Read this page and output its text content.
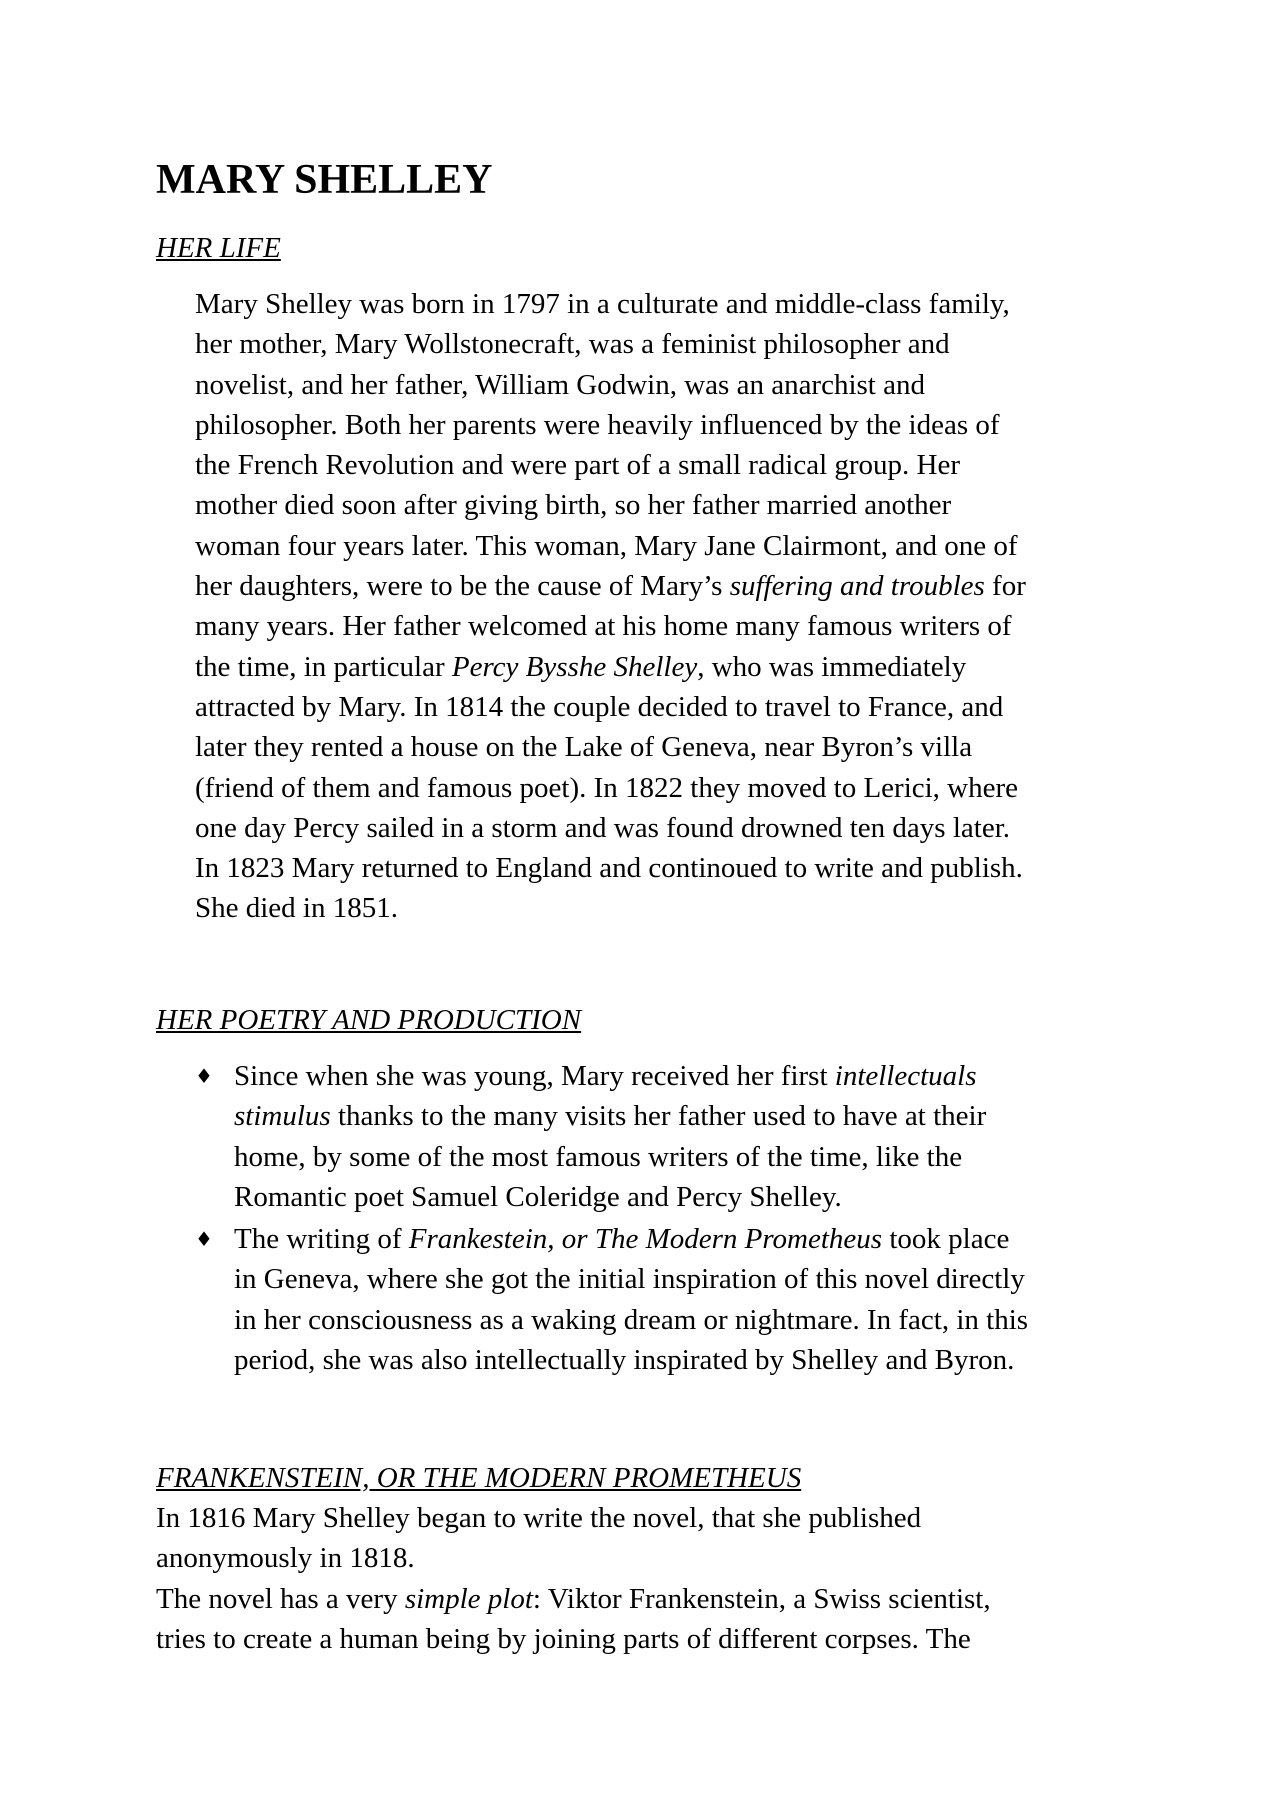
MARY SHELLEY
HER LIFE
Mary Shelley was born in 1797 in a culturate and middle-class family,
her mother, Mary Wollstonecraft, was a feminist philosopher and
novelist, and her father, William Godwin, was an anarchist and
philosopher. Both her parents were heavily influenced by the ideas of
the French Revolution and were part of a small radical group. Her
mother died soon after giving birth, so her father married another
woman four years later. This woman, Mary Jane Clairmont, and one of
her daughters, were to be the cause of Mary’s suffering and troubles for
many years. Her father welcomed at his home many famous writers of
the time, in particular Percy Bysshe Shelley, who was immediately
attracted by Mary. In 1814 the couple decided to travel to France, and
later they rented a house on the Lake of Geneva, near Byron’s villa
(friend of them and famous poet). In 1822 they moved to Lerici, where
one day Percy sailed in a storm and was found drowned ten days later.
In 1823 Mary returned to England and continoued to write and publish.
She died in 1851.
HER POETRY AND PRODUCTION
♦ Since when she was young, Mary received her first intellectuals
stimulus thanks to the many visits her father used to have at their
home, by some of the most famous writers of the time, like the
Romantic poet Samuel Coleridge and Percy Shelley.
♦ The writing of Frankestein, or The Modern Prometheus took place
in Geneva, where she got the initial inspiration of this novel directly
in her consciousness as a waking dream or nightmare. In fact, in this
period, she was also intellectually inspirated by Shelley and Byron.
FRANKENSTEIN, OR THE MODERN PROMETHEUS
In 1816 Mary Shelley began to write the novel, that she published
anonymously in 1818.
The novel has a very simple plot: Viktor Frankenstein, a Swiss scientist,
tries to create a human being by joining parts of different corpses. The
